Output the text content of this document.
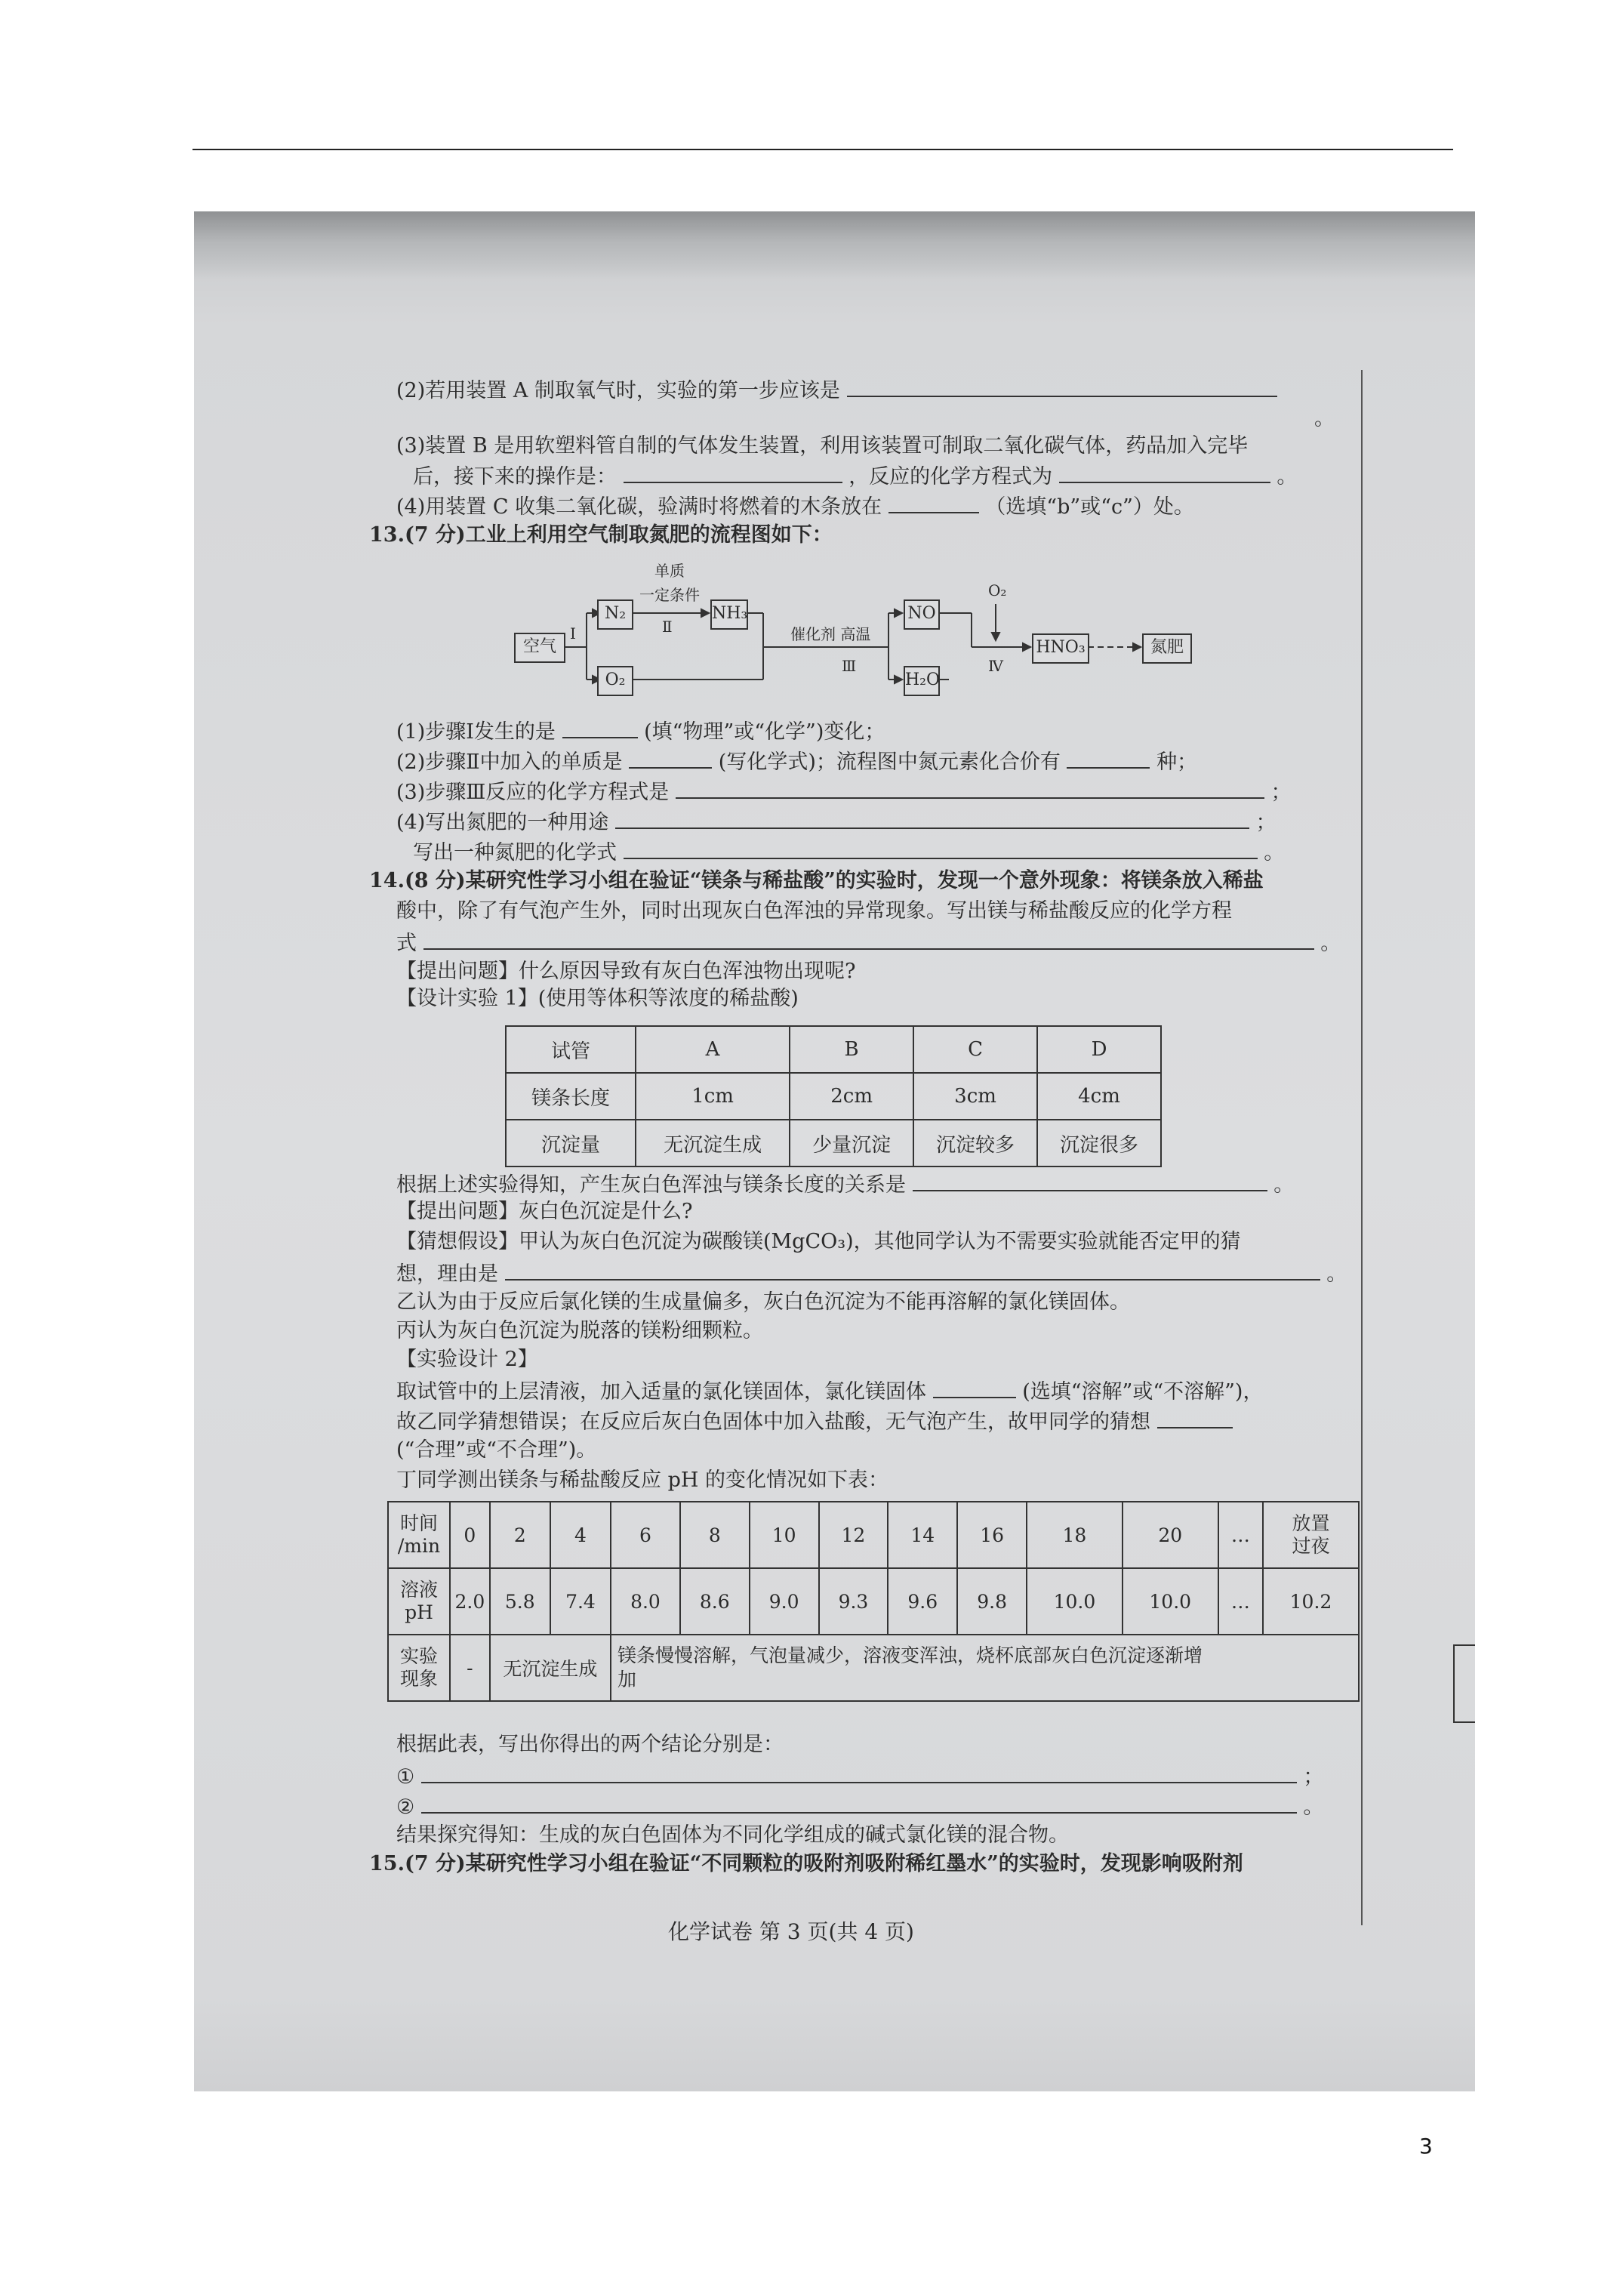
(2)若用装置 A 制取氧气时，实验的第一步应该是
。
(3)装置 B 是用软塑料管自制的气体发生装置，利用该装置可制取二氧化碳气体，药品加入完毕
后，接下来的操作是：	，反应的化学方程式为	。
(4)用装置 C 收集二氧化碳，验满时将燃着的木条放在	（选填“b”或“c”）处。
13.(7 分)工业上利用空气制取氮肥的流程图如下：
空气
N₂
O₂
NH₃	NO
H₂O
HNO₃	氮肥
Ⅰ
单质
一定条件
Ⅱ	催化剂 高温
Ⅲ
O₂
Ⅳ
(1)步骤Ⅰ发生的是	(填“物理”或“化学”)变化；
(2)步骤Ⅱ中加入的单质是	(写化学式)；流程图中氮元素化合价有	种；
(3)步骤Ⅲ反应的化学方程式是	；
(4)写出氮肥的一种用途	；
写出一种氮肥的化学式	。
14.(8 分)某研究性学习小组在验证“镁条与稀盐酸”的实验时，发现一个意外现象：将镁条放入稀盐
酸中，除了有气泡产生外，同时出现灰白色浑浊的异常现象。写出镁与稀盐酸反应的化学方程
式	。
【提出问题】什么原因导致有灰白色浑浊物出现呢?
【设计实验 1】(使用等体积等浓度的稀盐酸)
试管	A	B	C	D
镁条长度	1cm	2cm	3cm	4cm
沉淀量	无沉淀生成	少量沉淀	沉淀较多	沉淀很多
根据上述实验得知，产生灰白色浑浊与镁条长度的关系是	。
【提出问题】灰白色沉淀是什么?
【猜想假设】甲认为灰白色沉淀为碳酸镁(MgCO₃)，其他同学认为不需要实验就能否定甲的猜
想，理由是	。
乙认为由于反应后氯化镁的生成量偏多，灰白色沉淀为不能再溶解的氯化镁固体。
丙认为灰白色沉淀为脱落的镁粉细颗粒。
【实验设计 2】
取试管中的上层清液，加入适量的氯化镁固体，氯化镁固体	(选填“溶解”或“不溶解”)，
故乙同学猜想错误；在反应后灰白色固体中加入盐酸，无气泡产生，故甲同学的猜想
(“合理”或“不合理”)。
丁同学测出镁条与稀盐酸反应 pH 的变化情况如下表：
时间
/min	0	2	4	6	8	10	12	14	16	18	20	…	放置
过夜
溶液
pH	2.0	5.8	7.4	8.0	8.6	9.0	9.3	9.6	9.8	10.0	10.0	…	10.2
实验
现象	-	无沉淀生成		镁条慢慢溶解，气泡量减少，溶液变浑浊，烧杯底部灰白色沉淀逐渐增
加									
根据此表，写出你得出的两个结论分别是：
①	；
②	。
结果探究得知：生成的灰白色固体为不同化学组成的碱式氯化镁的混合物。
15.(7 分)某研究性学习小组在验证“不同颗粒的吸附剂吸附稀红墨水”的实验时，发现影响吸附剂
化学试卷 第 3 页(共 4 页)
3
